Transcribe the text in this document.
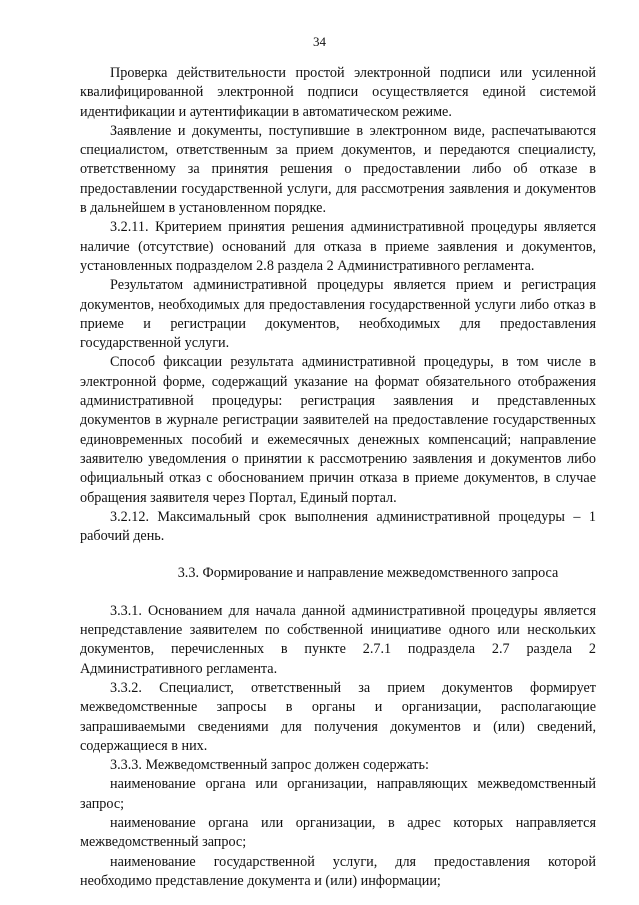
34

Проверка действительности простой электронной подписи или усиленной квалифицированной электронной подписи осуществляется единой системой идентификации и аутентификации в автоматическом режиме.

Заявление и документы, поступившие в электронном виде, распечатываются специалистом, ответственным за прием документов, и передаются специалисту, ответственному за принятия решения о предоставлении либо об отказе в предоставлении государственной услуги, для рассмотрения заявления и документов в дальнейшем в установленном порядке.

3.2.11. Критерием принятия решения административной процедуры является наличие (отсутствие) оснований для отказа в приеме заявления и документов, установленных подразделом 2.8 раздела 2 Административного регламента.

Результатом административной процедуры является прием и регистрация документов, необходимых для предоставления государственной услуги либо отказ в приеме и регистрации документов, необходимых для предоставления государственной услуги.

Способ фиксации результата административной процедуры, в том числе в электронной форме, содержащий указание на формат обязательного отображения административной процедуры: регистрация заявления и представленных документов в журнале регистрации заявителей на предоставление государственных единовременных пособий и ежемесячных денежных компенсаций; направление заявителю уведомления о принятии к рассмотрению заявления и документов либо официальный отказ с обоснованием причин отказа в приеме документов, в случае обращения заявителя через Портал, Единый портал.

3.2.12. Максимальный срок выполнения административной процедуры – 1 рабочий день.

3.3. Формирование и направление межведомственного запроса

3.3.1. Основанием для начала данной административной процедуры является непредставление заявителем по собственной инициативе одного или нескольких документов, перечисленных в пункте 2.7.1 подраздела 2.7 раздела 2 Административного регламента.

3.3.2. Специалист, ответственный за прием документов формирует межведомственные запросы в органы и организации, располагающие запрашиваемыми сведениями для получения документов и (или) сведений, содержащиеся в них.

3.3.3. Межведомственный запрос должен содержать:

наименование органа или организации, направляющих межведомственный запрос;

наименование органа или организации, в адрес которых направляется межведомственный запрос;

наименование государственной услуги, для предоставления которой необходимо представление документа и (или) информации;
